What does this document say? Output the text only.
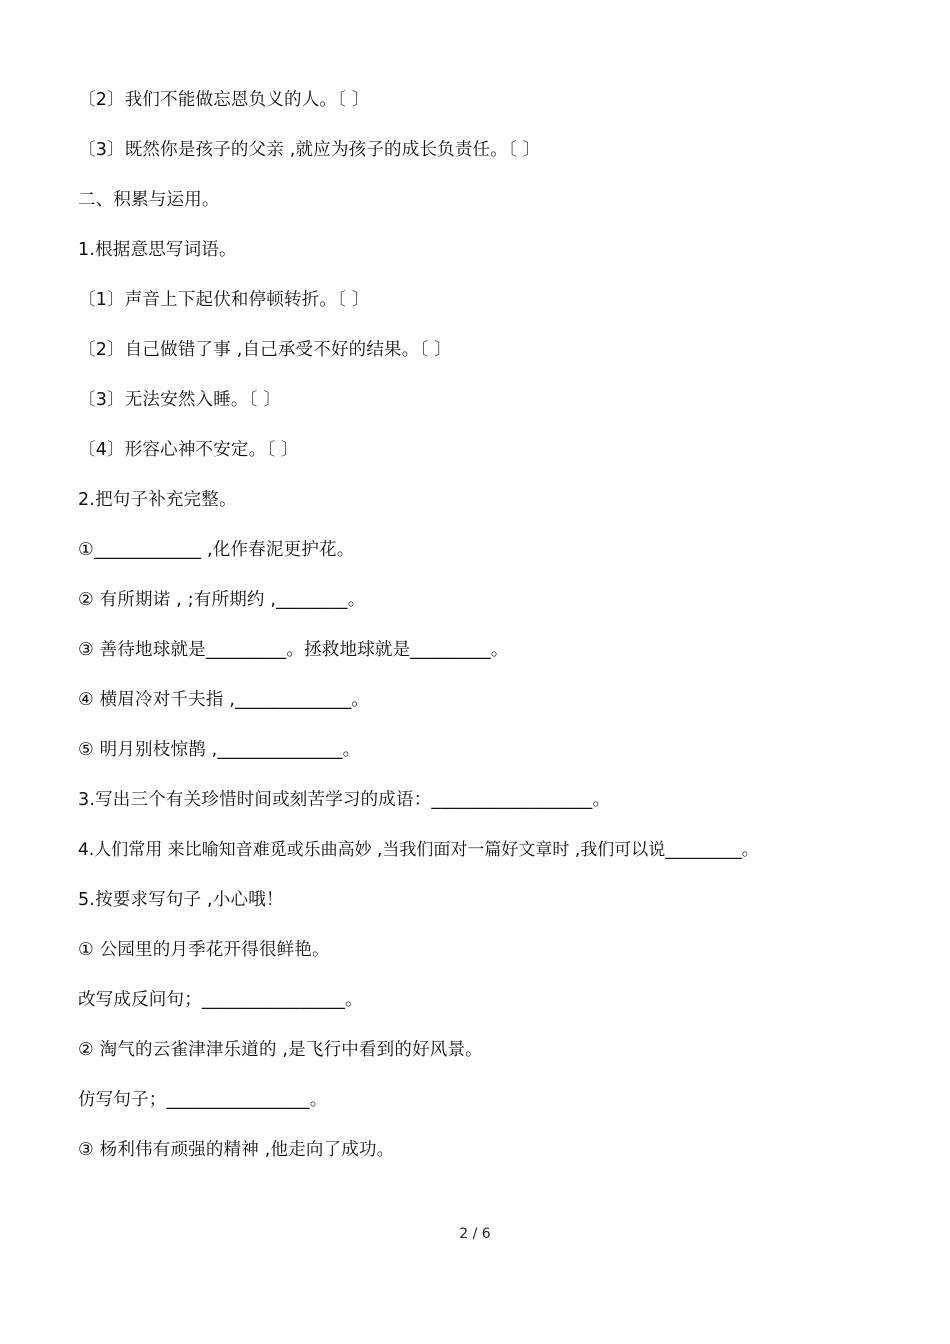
〔2〕我们不能做忘恩负义的人。〔 〕
〔3〕既然你是孩子的父亲 ,就应为孩子的成长负责任。〔 〕
二、积累与运用。
1.根据意思写词语。
〔1〕声音上下起伏和停顿转折。〔 〕
〔2〕自己做错了事 ,自己承受不好的结果。〔 〕
〔3〕无法安然入睡。〔 〕
〔4〕形容心神不安定。〔 〕
2.把句子补充完整。
①____________ ,化作春泥更护花。
② 有所期诺 , ;有所期约 ,________。
③ 善待地球就是_________。拯救地球就是_________。
④ 横眉冷对千夫指 ,_____________。
⑤ 明月别枝惊鹊 ,______________。
3.写出三个有关珍惜时间或刻苦学习的成语：__________________。
4.人们常用 来比喻知音难觅或乐曲高妙 ,当我们面对一篇好文章时 ,我们可以说_________。
5.按要求写句子 ,小心哦！
① 公园里的月季花开得很鲜艳。
改写成反问句；________________。
② 淘气的云雀津津乐道的 ,是飞行中看到的好风景。
仿写句子；________________。
③ 杨利伟有顽强的精神 ,他走向了成功。
2 / 6
